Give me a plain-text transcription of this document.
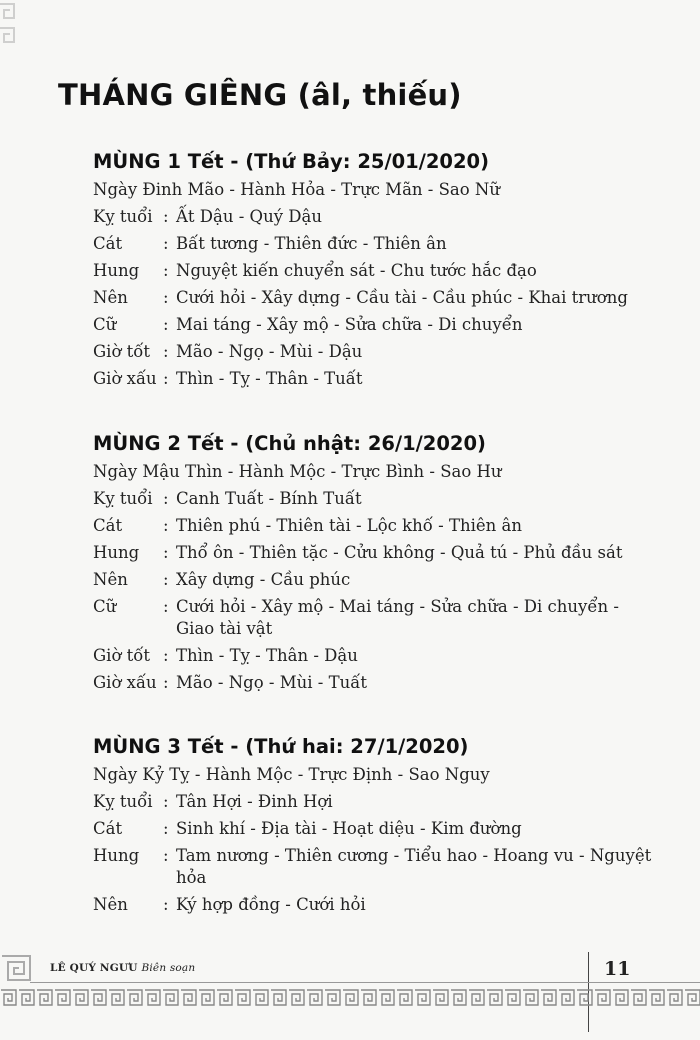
THÁNG GIÊNG (âl, thiếu)
MÙNG 1 Tết - (Thứ Bảy: 25/01/2020)
Ngày Đinh Mão - Hành Hỏa - Trực Mãn - Sao Nữ
Kỵ tuổi : Ất Dậu - Quý Dậu
Cát	: Bất tương - Thiên đức - Thiên ân
Hung	: Nguyệt kiến chuyển sát - Chu tước hắc đạo
Nên	: Cưới hỏi - Xây dựng - Cầu tài - Cầu phúc - Khai trương
Cữ	: Mai táng - Xây mộ - Sửa chữa - Di chuyển
Giờ tốt : Mão - Ngọ - Mùi - Dậu
Giờ xấu : Thìn - Tỵ - Thân - Tuất
MÙNG 2 Tết - (Chủ nhật: 26/1/2020)
Ngày Mậu Thìn - Hành Mộc - Trực Bình - Sao Hư
Kỵ tuổi : Canh Tuất - Bính Tuất
Cát	: Thiên phú - Thiên tài - Lộc khố - Thiên ân
Hung	: Thổ ôn - Thiên tặc - Cửu không - Quả tú - Phủ đầu sát
Nên	: Xây dựng - Cầu phúc
Cữ	: Cưới hỏi - Xây mộ - Mai táng - Sửa chữa - Di chuyển - Giao tài vật
Giờ tốt : Thìn - Tỵ - Thân - Dậu
Giờ xấu : Mão - Ngọ - Mùi - Tuất
MÙNG 3 Tết - (Thứ hai: 27/1/2020)
Ngày Kỷ Tỵ - Hành Mộc - Trực Định - Sao Nguy
Kỵ tuổi : Tân Hợi - Đinh Hợi
Cát	: Sinh khí - Địa tài - Hoạt diệu - Kim đường
Hung	: Tam nương - Thiên cương - Tiểu hao - Hoang vu - Nguyệt hỏa
Nên	: Ký hợp đồng - Cưới hỏi
LÊ QUÝ NGƯU Biên soạn	11
